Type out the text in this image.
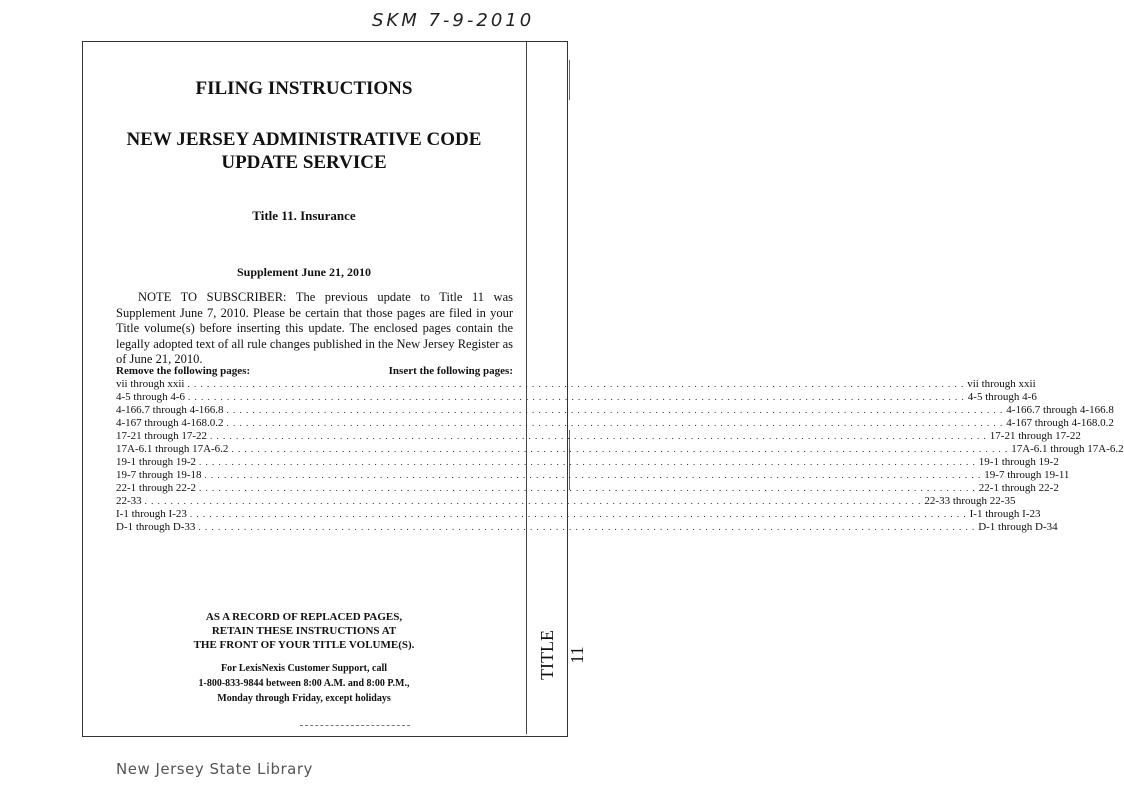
SKM 7-9-2010
TITLE 11
FILING INSTRUCTIONS
NEW JERSEY ADMINISTRATIVE CODE
UPDATE SERVICE
Title 11. Insurance
Supplement June 21, 2010
NOTE TO SUBSCRIBER: The previous update to Title 11 was Supplement June 7, 2010. Please be certain that those pages are filed in your Title volume(s) before inserting this update. The enclosed pages contain the legally adopted text of all rule changes published in the New Jersey Register as of June 21, 2010.
Remove the following pages:	Insert the following pages:
vii through xxii . . . . . . . . . . . . . . . . . . . . . . . . . . . . . . . . . . . . . . . . . . . . . . . . . . . . . . . . . . . . . . . . . . . . . . . . . . . . . . . . . . . . . . . . . . . . . . . . . . . . . . . . . . . . . . . . . . . . . . . . vii through xxii
4-5 through 4-6 . . . . . . . . . . . . . . . . . . . . . . . . . . . . . . . . . . . . . . . . . . . . . . . . . . . . . . . . . . . . . . . . . . . . . . . . . . . . . . . . . . . . . . . . . . . . . . . . . . . . . . . . . . . . . . . . . . . . . . . . 4-5 through 4-6
4-166.7 through 4-166.8 . . . . . . . . . . . . . . . . . . . . . . . . . . . . . . . . . . . . . . . . . . . . . . . . . . . . . . . . . . . . . . . . . . . . . . . . . . . . . . . . . . . . . . . . . . . . . . . . . . . . . . . . . . . . . . . . . . . . . . . . 4-166.7 through 4-166.8
4-167 through 4-168.0.2 . . . . . . . . . . . . . . . . . . . . . . . . . . . . . . . . . . . . . . . . . . . . . . . . . . . . . . . . . . . . . . . . . . . . . . . . . . . . . . . . . . . . . . . . . . . . . . . . . . . . . . . . . . . . . . . . . . . . . . . . 4-167 through 4-168.0.2
17-21 through 17-22 . . . . . . . . . . . . . . . . . . . . . . . . . . . . . . . . . . . . . . . . . . . . . . . . . . . . . . . . . . . . . . . . . . . . . . . . . . . . . . . . . . . . . . . . . . . . . . . . . . . . . . . . . . . . . . . . . . . . . . . . 17-21 through 17-22
17A-6.1 through 17A-6.2 . . . . . . . . . . . . . . . . . . . . . . . . . . . . . . . . . . . . . . . . . . . . . . . . . . . . . . . . . . . . . . . . . . . . . . . . . . . . . . . . . . . . . . . . . . . . . . . . . . . . . . . . . . . . . . . . . . . . . . . . 17A-6.1 through 17A-6.2
19-1 through 19-2 . . . . . . . . . . . . . . . . . . . . . . . . . . . . . . . . . . . . . . . . . . . . . . . . . . . . . . . . . . . . . . . . . . . . . . . . . . . . . . . . . . . . . . . . . . . . . . . . . . . . . . . . . . . . . . . . . . . . . . . . 19-1 through 19-2
19-7 through 19-18 . . . . . . . . . . . . . . . . . . . . . . . . . . . . . . . . . . . . . . . . . . . . . . . . . . . . . . . . . . . . . . . . . . . . . . . . . . . . . . . . . . . . . . . . . . . . . . . . . . . . . . . . . . . . . . . . . . . . . . . . 19-7 through 19-11
22-1 through 22-2 . . . . . . . . . . . . . . . . . . . . . . . . . . . . . . . . . . . . . . . . . . . . . . . . . . . . . . . . . . . . . . . . . . . . . . . . . . . . . . . . . . . . . . . . . . . . . . . . . . . . . . . . . . . . . . . . . . . . . . . . 22-1 through 22-2
22-33 . . . . . . . . . . . . . . . . . . . . . . . . . . . . . . . . . . . . . . . . . . . . . . . . . . . . . . . . . . . . . . . . . . . . . . . . . . . . . . . . . . . . . . . . . . . . . . . . . . . . . . . . . . . . . . . . . . . . . . . . 22-33 through 22-35
I-1 through I-23 . . . . . . . . . . . . . . . . . . . . . . . . . . . . . . . . . . . . . . . . . . . . . . . . . . . . . . . . . . . . . . . . . . . . . . . . . . . . . . . . . . . . . . . . . . . . . . . . . . . . . . . . . . . . . . . . . . . . . . . . I-1 through I-23
D-1 through D-33 . . . . . . . . . . . . . . . . . . . . . . . . . . . . . . . . . . . . . . . . . . . . . . . . . . . . . . . . . . . . . . . . . . . . . . . . . . . . . . . . . . . . . . . . . . . . . . . . . . . . . . . . . . . . . . . . . . . . . . . . D-1 through D-34
AS A RECORD OF REPLACED PAGES,
RETAIN THESE INSTRUCTIONS AT
THE FRONT OF YOUR TITLE VOLUME(S).
For LexisNexis Customer Support, call
1-800-833-9844 between 8:00 A.M. and 8:00 P.M.,
Monday through Friday, except holidays
New Jersey State Library
